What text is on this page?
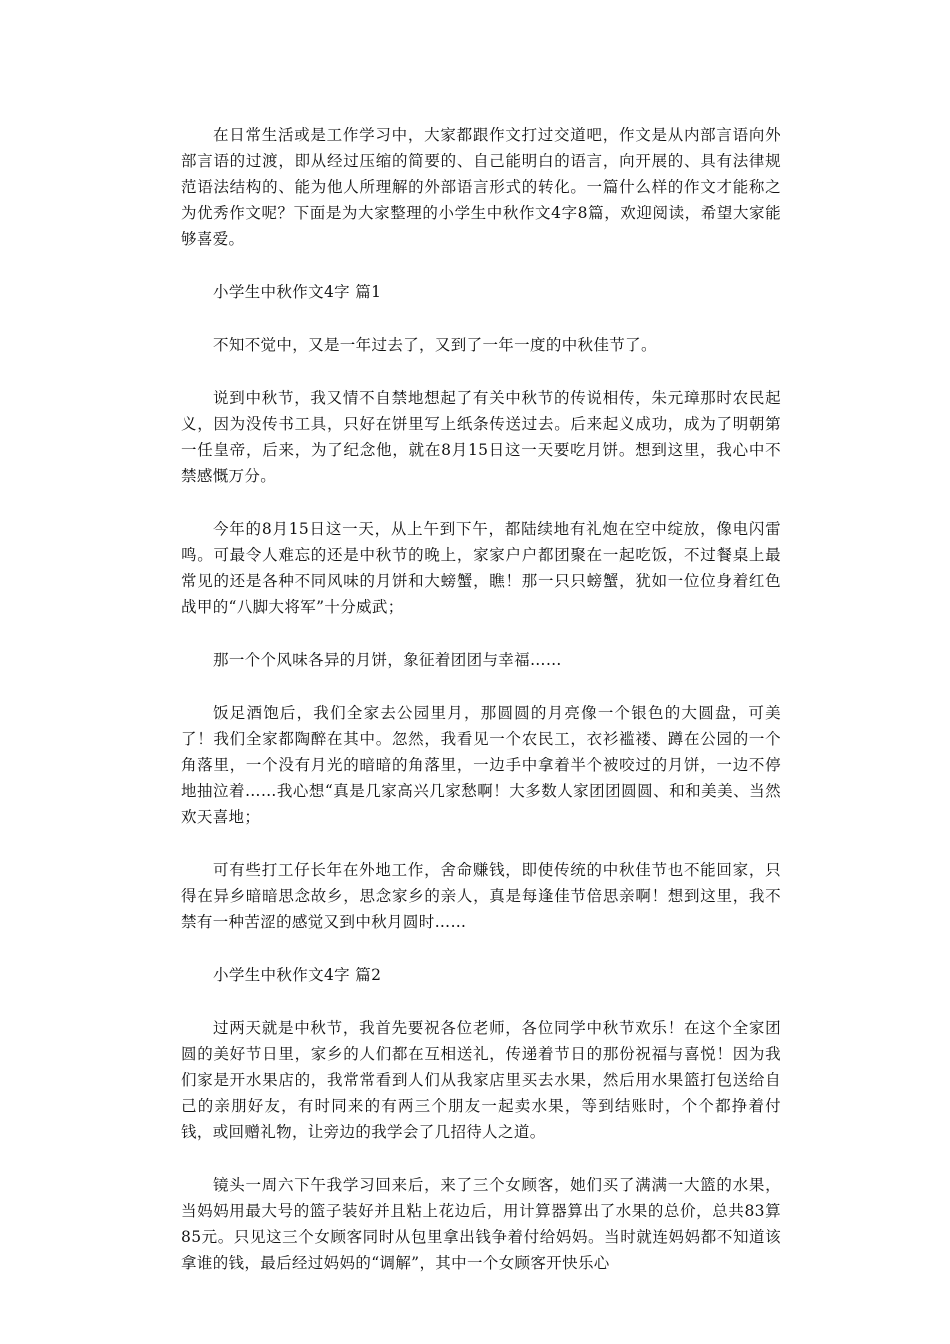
在日常生活或是工作学习中，大家都跟作文打过交道吧，作文是从内部言语向外部言语的过渡，即从经过压缩的简要的、自己能明白的语言，向开展的、具有法律规范语法结构的、能为他人所理解的外部语言形式的转化。一篇什么样的作文才能称之为优秀作文呢？下面是为大家整理的小学生中秋作文4字8篇，欢迎阅读，希望大家能够喜爱。

小学生中秋作文4字 篇1

不知不觉中，又是一年过去了，又到了一年一度的中秋佳节了。

说到中秋节，我又情不自禁地想起了有关中秋节的传说相传，朱元璋那时农民起义，因为没传书工具，只好在饼里写上纸条传送过去。后来起义成功，成为了明朝第一任皇帝，后来，为了纪念他，就在8月15日这一天要吃月饼。想到这里，我心中不禁感慨万分。

今年的8月15日这一天，从上午到下午，都陆续地有礼炮在空中绽放，像电闪雷鸣。可最令人难忘的还是中秋节的晚上，家家户户都团聚在一起吃饭，不过餐桌上最常见的还是各种不同风味的月饼和大螃蟹，瞧！那一只只螃蟹，犹如一位位身着红色战甲的“八脚大将军”十分威武；

那一个个风味各异的月饼，象征着团团与幸福……

饭足酒饱后，我们全家去公园里月，那圆圆的月亮像一个银色的大圆盘，可美了！我们全家都陶醉在其中。忽然，我看见一个农民工，衣衫褴褛、蹲在公园的一个角落里，一个没有月光的暗暗的角落里，一边手中拿着半个被咬过的月饼，一边不停地抽泣着……我心想“真是几家高兴几家愁啊！大多数人家团团圆圆、和和美美、当然欢天喜地；

可有些打工仔长年在外地工作，舍命赚钱，即使传统的中秋佳节也不能回家，只得在异乡暗暗思念故乡，思念家乡的亲人，真是每逢佳节倍思亲啊！想到这里，我不禁有一种苦涩的感觉又到中秋月圆时……

小学生中秋作文4字 篇2

过两天就是中秋节，我首先要祝各位老师，各位同学中秋节欢乐！在这个全家团圆的美好节日里，家乡的人们都在互相送礼，传递着节日的那份祝福与喜悦！因为我们家是开水果店的，我常常看到人们从我家店里买去水果，然后用水果篮打包送给自己的亲朋好友，有时同来的有两三个朋友一起卖水果，等到结账时，个个都挣着付钱，或回赠礼物，让旁边的我学会了几招待人之道。

镜头一周六下午我学习回来后，来了三个女顾客，她们买了满满一大篮的水果，当妈妈用最大号的篮子装好并且粘上花边后，用计算器算出了水果的总价，总共83算85元。只见这三个女顾客同时从包里拿出钱争着付给妈妈。当时就连妈妈都不知道该拿谁的钱，最后经过妈妈的“调解”，其中一个女顾客开快乐心
